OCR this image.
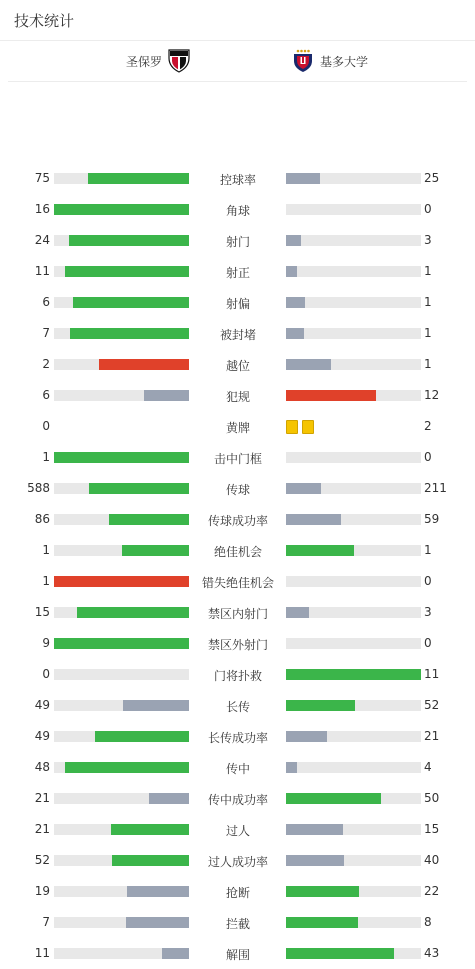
技术统计
圣保罗	基多大学
75	控球率	25
16	角球	0
24	射门	3
11	射正	1
6	射偏	1
7	被封堵	1
2	越位	1
6	犯规	12
0	黄牌	2
1	击中门框	0
588	传球	211
86	传球成功率	59
1	绝佳机会	1
1	错失绝佳机会	0
15	禁区内射门	3
9	禁区外射门	0
0	门将扑救	11
49	长传	52
49	长传成功率	21
48	传中	4
21	传中成功率	50
21	过人	15
52	过人成功率	40
19	抢断	22
7	拦截	8
11	解围	43
